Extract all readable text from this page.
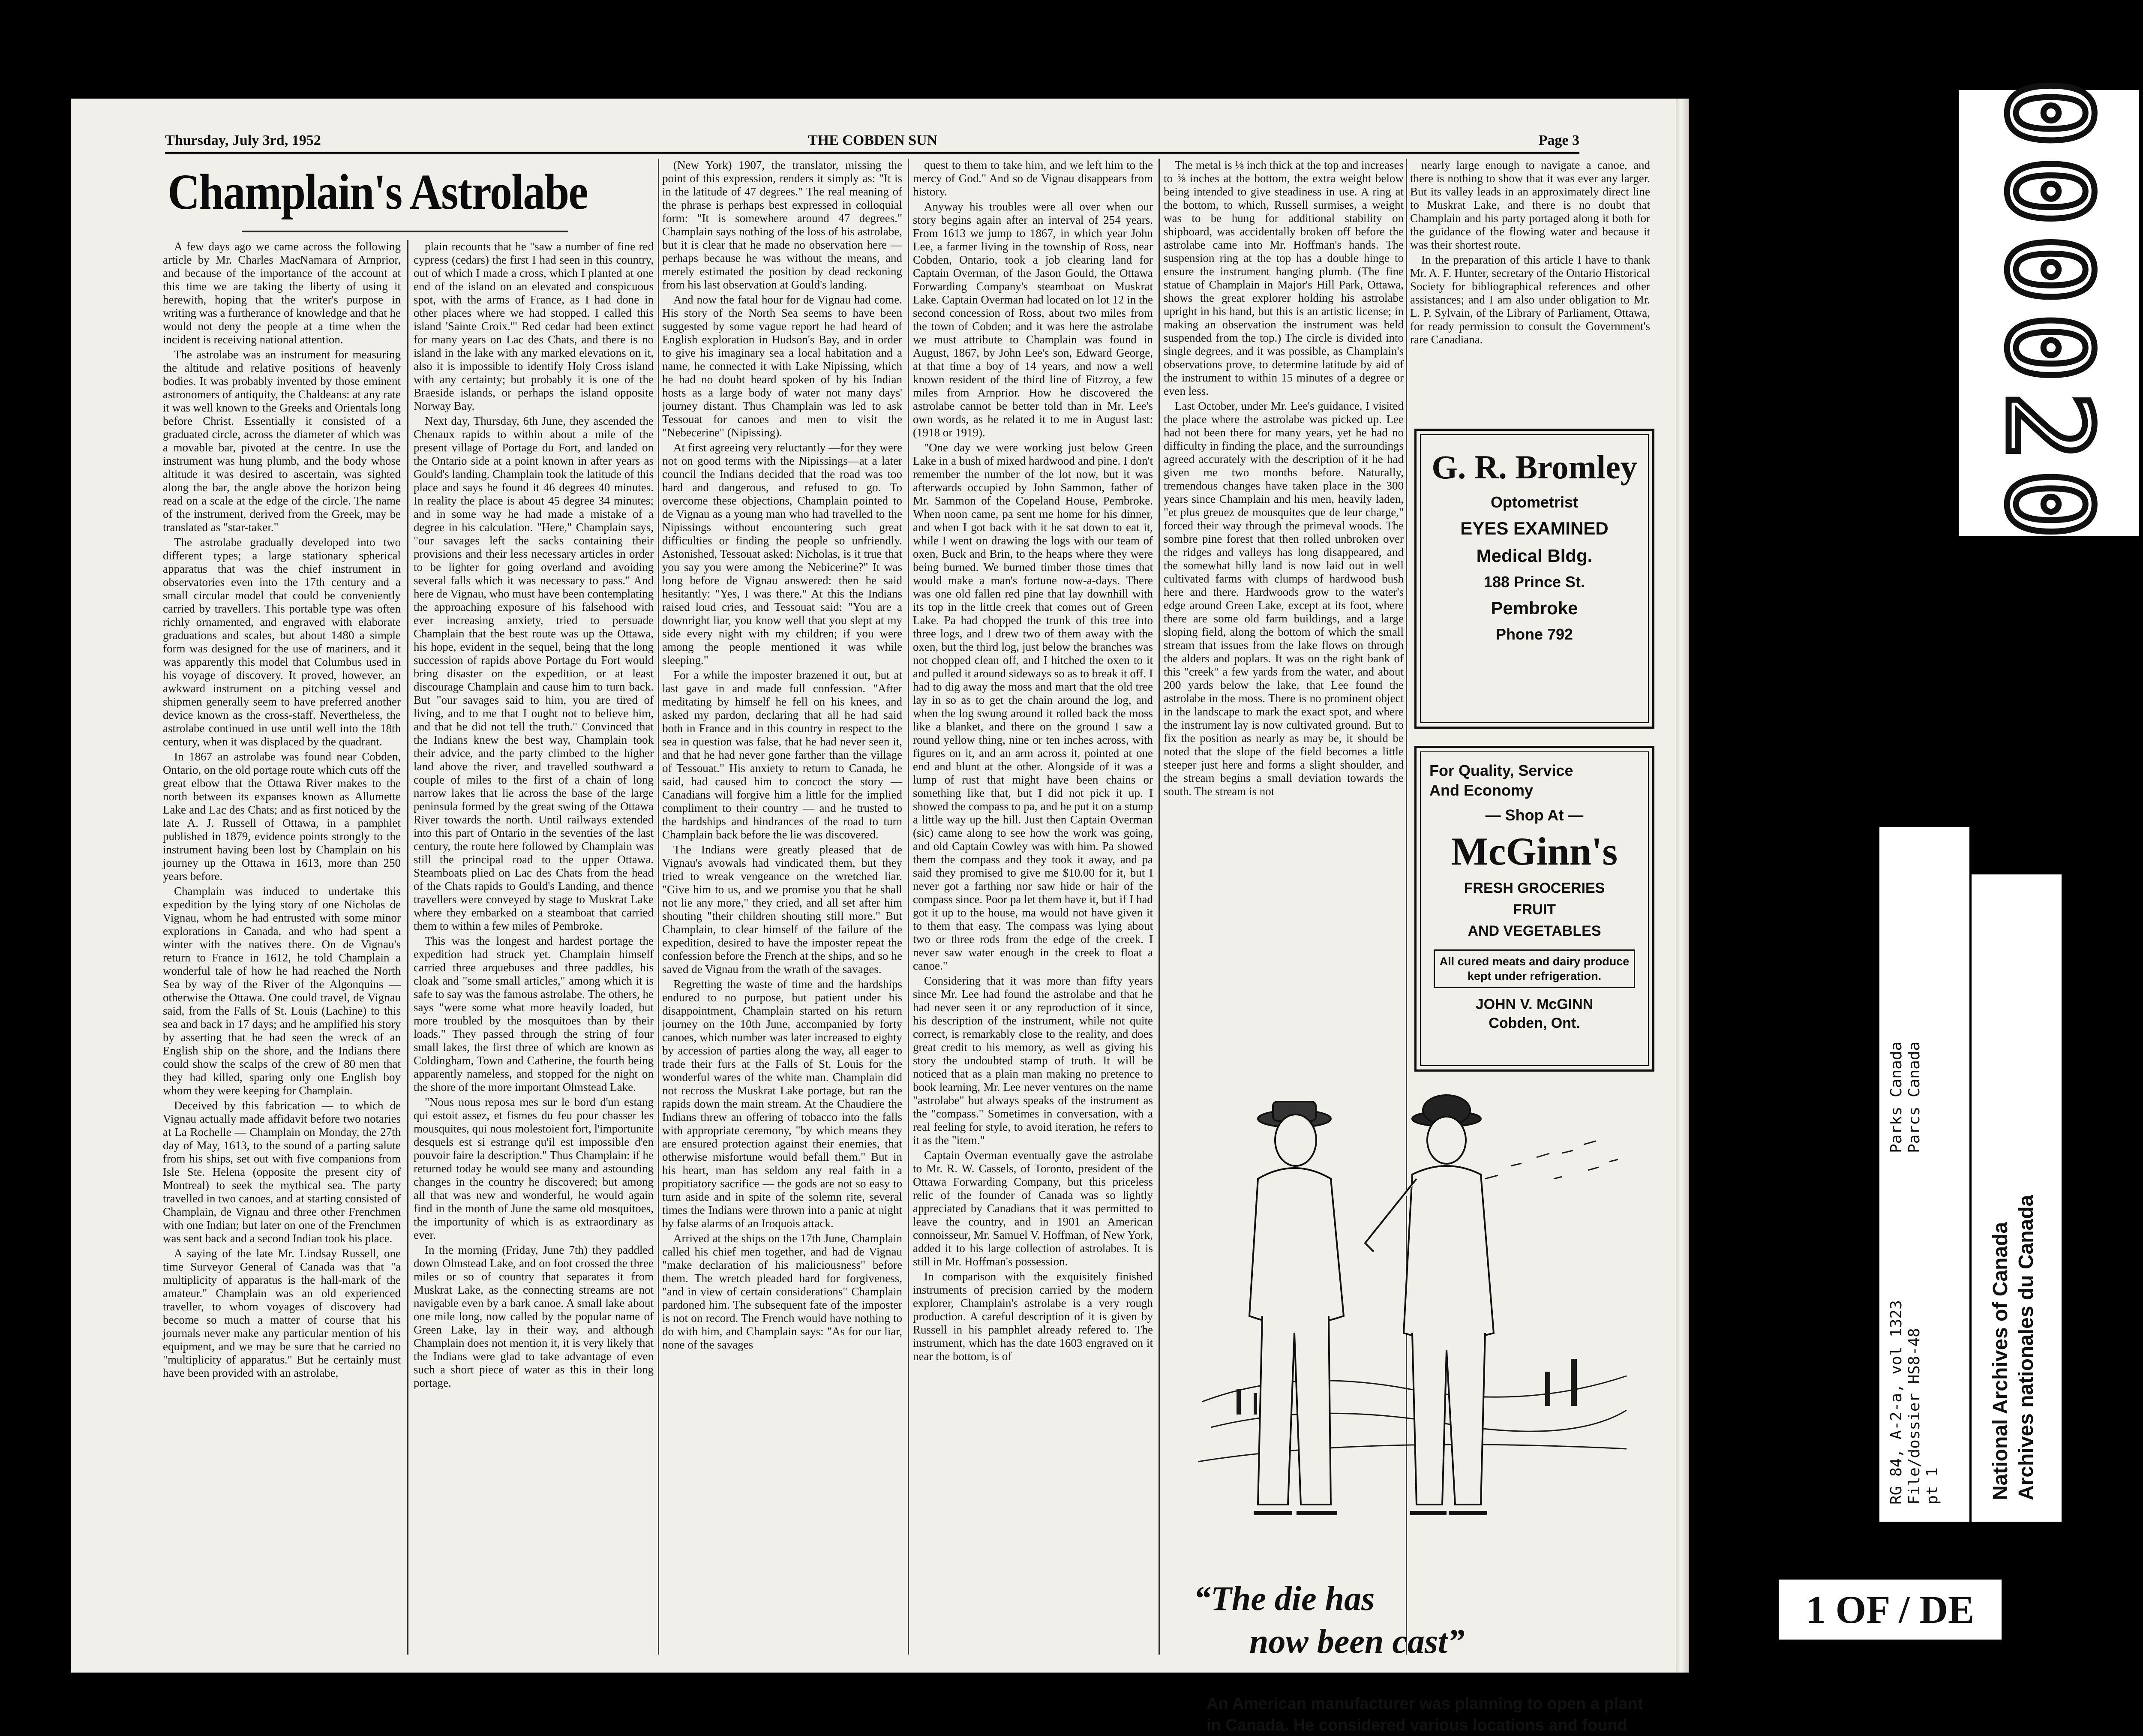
Thursday, July 3rd, 1952	THE COBDEN SUN	Page 3
Champlain's Astrolabe

A few days ago we came across the following article by Mr. Charles MacNamara of Arnprior, and because of the importance of the account at this time we are taking the liberty of using it herewith, hoping that the writer's purpose in writing was a furtherance of knowledge and that he would not deny the people at a time when the incident is receiving national attention.

The astrolabe was an instrument for measuring the altitude and relative positions of heavenly bodies. It was probably invented by those eminent astronomers of antiquity, the Chaldeans: at any rate it was well known to the Greeks and Orientals long before Christ. Essentially it consisted of a graduated circle, across the diameter of which was a movable bar, pivoted at the centre. In use the instrument was hung plumb, and the body whose altitude it was desired to ascertain, was sighted along the bar, the angle above the horizon being read on a scale at the edge of the circle. The name of the instrument, derived from the Greek, may be translated as "star-taker."

The astrolabe gradually developed into two different types; a large stationary spherical apparatus that was the chief instrument in observatories even into the 17th century and a small circular model that could be conveniently carried by travellers. This portable type was often richly ornamented, and engraved with elaborate graduations and scales, but about 1480 a simple form was designed for the use of mariners, and it was apparently this model that Columbus used in his voyage of discovery. It proved, however, an awkward instrument on a pitching vessel and shipmen generally seem to have preferred another device known as the cross-staff. Nevertheless, the astrolabe continued in use until well into the 18th century, when it was displaced by the quadrant.

In 1867 an astrolabe was found near Cobden, Ontario, on the old portage route which cuts off the great elbow that the Ottawa River makes to the north between its expanses known as Allumette Lake and Lac des Chats; and as first noticed by the late A. J. Russell of Ottawa, in a pamphlet published in 1879, evidence points strongly to the instrument having been lost by Champlain on his journey up the Ottawa in 1613, more than 250 years before.

Champlain was induced to undertake this expedition by the lying story of one Nicholas de Vignau, whom he had entrusted with some minor explorations in Canada, and who had spent a winter with the natives there. On de Vignau's return to France in 1612, he told Champlain a wonderful tale of how he had reached the North Sea by way of the River of the Algonquins — otherwise the Ottawa. One could travel, de Vignau said, from the Falls of St. Louis (Lachine) to this sea and back in 17 days; and he amplified his story by asserting that he had seen the wreck of an English ship on the shore, and the Indians there could show the scalps of the crew of 80 men that they had killed, sparing only one English boy whom they were keeping for Champlain.

Deceived by this fabrication — to which de Vignau actually made affidavit before two notaries at La Rochelle — Champlain on Monday, the 27th day of May, 1613, to the sound of a parting salute from his ships, set out with five companions from Isle Ste. Helena (opposite the present city of Montreal) to seek the mythical sea. The party travelled in two canoes, and at starting consisted of Champlain, de Vignau and three other Frenchmen with one Indian; but later on one of the Frenchmen was sent back and a second Indian took his place.

A saying of the late Mr. Lindsay Russell, one time Surveyor General of Canada was that "a multiplicity of apparatus is the hall-mark of the amateur." Champlain was an old experienced traveller, to whom voyages of discovery had become so much a matter of course that his journals never make any particular mention of his equipment, and we may be sure that he carried no "multiplicity of apparatus." But he certainly must have been provided with an astrolabe,

plain recounts that he "saw a number of fine red cypress (cedars) the first I had seen in this country, out of which I made a cross, which I planted at one end of the island on an elevated and conspicuous spot, with the arms of France, as I had done in other places where we had stopped. I called this island 'Sainte Croix.'" Red cedar had been extinct for many years on Lac des Chats, and there is no island in the lake with any marked elevations on it, also it is impossible to identify Holy Cross island with any certainty; but probably it is one of the Braeside islands, or perhaps the island opposite Norway Bay.

Next day, Thursday, 6th June, they ascended the Chenaux rapids to within about a mile of the present village of Portage du Fort, and landed on the Ontario side at a point known in after years as Gould's landing. Champlain took the latitude of this place and says he found it 46 degrees 40 minutes. In reality the place is about 45 degree 34 minutes; and in some way he had made a mistake of a degree in his calculation. "Here," Champlain says, "our savages left the sacks containing their provisions and their less necessary articles in order to be lighter for going overland and avoiding several falls which it was necessary to pass." And here de Vignau, who must have been contemplating the approaching exposure of his falsehood with ever increasing anxiety, tried to persuade Champlain that the best route was up the Ottawa, his hope, evident in the sequel, being that the long succession of rapids above Portage du Fort would bring disaster on the expedition, or at least discourage Champlain and cause him to turn back. But "our savages said to him, you are tired of living, and to me that I ought not to believe him, and that he did not tell the truth." Convinced that the Indians knew the best way, Champlain took their advice, and the party climbed to the higher land above the river, and travelled southward a couple of miles to the first of a chain of long narrow lakes that lie across the base of the large peninsula formed by the great swing of the Ottawa River towards the north. Until railways extended into this part of Ontario in the seventies of the last century, the route here followed by Champlain was still the principal road to the upper Ottawa. Steamboats plied on Lac des Chats from the head of the Chats rapids to Gould's Landing, and thence travellers were conveyed by stage to Muskrat Lake where they embarked on a steamboat that carried them to within a few miles of Pembroke.

This was the longest and hardest portage the expedition had struck yet. Champlain himself carried three arquebuses and three paddles, his cloak and "some small articles," among which it is safe to say was the famous astrolabe. The others, he says "were some what more heavily loaded, but more troubled by the mosquitoes than by their loads." They passed through the string of four small lakes, the first three of which are known as Coldingham, Town and Catherine, the fourth being apparently nameless, and stopped for the night on the shore of the more important Olmstead Lake.

"Nous nous reposa mes sur le bord d'un estang qui estoit assez, et fismes du feu pour chasser les mousquites, qui nous molestoient fort, l'importunite desquels est si estrange qu'il est impossible d'en pouvoir faire la description." Thus Champlain: if he returned today he would see many and astounding changes in the country he discovered; but among all that was new and wonderful, he would again find in the month of June the same old mosquitoes, the importunity of which is as extraordinary as ever.

In the morning (Friday, June 7th) they paddled down Olmstead Lake, and on foot crossed the three miles or so of country that separates it from Muskrat Lake, as the connecting streams are not navigable even by a bark canoe. A small lake about one mile long, now called by the popular name of Green Lake, lay in their way, and although Champlain does not mention it, it is very likely that the Indians were glad to take advantage of even such a short piece of water as this in their long portage.

(New York) 1907, the translator, missing the point of this expression, renders it simply as: "It is in the latitude of 47 degrees." The real meaning of the phrase is perhaps best expressed in colloquial form: "It is somewhere around 47 degrees." Champlain says nothing of the loss of his astrolabe, but it is clear that he made no observation here — perhaps because he was without the means, and merely estimated the position by dead reckoning from his last observation at Gould's landing.

And now the fatal hour for de Vignau had come. His story of the North Sea seems to have been suggested by some vague report he had heard of English exploration in Hudson's Bay, and in order to give his imaginary sea a local habitation and a name, he connected it with Lake Nipissing, which he had no doubt heard spoken of by his Indian hosts as a large body of water not many days' journey distant. Thus Champlain was led to ask Tessouat for canoes and men to visit the "Nebecerine" (Nipissing).

At first agreeing very reluctantly —for they were not on good terms with the Nipissings—at a later council the Indians decided that the road was too hard and dangerous, and refused to go. To overcome these objections, Champlain pointed to de Vignau as a young man who had travelled to the Nipissings without encountering such great difficulties or finding the people so unfriendly. Astonished, Tessouat asked: Nicholas, is it true that you say you were among the Nebicerine?" It was long before de Vignau answered: then he said hesitantly: "Yes, I was there." At this the Indians raised loud cries, and Tessouat said: "You are a downright liar, you know well that you slept at my side every night with my children; if you were among the people mentioned it was while sleeping."

For a while the imposter brazened it out, but at last gave in and made full confession. "After meditating by himself he fell on his knees, and asked my pardon, declaring that all he had said both in France and in this country in respect to the sea in question was false, that he had never seen it, and that he had never gone farther than the village of Tessouat." His anxiety to return to Canada, he said, had caused him to concoct the story — Canadians will forgive him a little for the implied compliment to their country — and he trusted to the hardships and hindrances of the road to turn Champlain back before the lie was discovered.

The Indians were greatly pleased that de Vignau's avowals had vindicated them, but they tried to wreak vengeance on the wretched liar. "Give him to us, and we promise you that he shall not lie any more," they cried, and all set after him shouting "their children shouting still more." But Champlain, to clear himself of the failure of the expedition, desired to have the imposter repeat the confession before the French at the ships, and so he saved de Vignau from the wrath of the savages.

Regretting the waste of time and the hardships endured to no purpose, but patient under his disappointment, Champlain started on his return journey on the 10th June, accompanied by forty canoes, which number was later increased to eighty by accession of parties along the way, all eager to trade their furs at the Falls of St. Louis for the wonderful wares of the white man. Champlain did not recross the Muskrat Lake portage, but ran the rapids down the main stream. At the Chaudiere the Indians threw an offering of tobacco into the falls with appropriate ceremony, "by which means they are ensured protection against their enemies, that otherwise misfortune would befall them." But in his heart, man has seldom any real faith in a propitiatory sacrifice — the gods are not so easy to turn aside and in spite of the solemn rite, several times the Indians were thrown into a panic at night by false alarms of an Iroquois attack.

Arrived at the ships on the 17th June, Champlain called his chief men together, and had de Vignau "make declaration of his maliciousness" before them. The wretch pleaded hard for forgiveness, "and in view of certain considerations" Champlain pardoned him. The subsequent fate of the imposter is not on record. The French would have nothing to do with him, and Champlain says: "As for our liar, none of the savages

quest to them to take him, and we left him to the mercy of God." And so de Vignau disappears from history.

Anyway his troubles were all over when our story begins again after an interval of 254 years. From 1613 we jump to 1867, in which year John Lee, a farmer living in the township of Ross, near Cobden, Ontario, took a job clearing land for Captain Overman, of the Jason Gould, the Ottawa Forwarding Company's steamboat on Muskrat Lake. Captain Overman had located on lot 12 in the second concession of Ross, about two miles from the town of Cobden; and it was here the astrolabe we must attribute to Champlain was found in August, 1867, by John Lee's son, Edward George, at that time a boy of 14 years, and now a well known resident of the third line of Fitzroy, a few miles from Arnprior. How he discovered the astrolabe cannot be better told than in Mr. Lee's own words, as he related it to me in August last: (1918 or 1919).

"One day we were working just below Green Lake in a bush of mixed hardwood and pine. I don't remember the number of the lot now, but it was afterwards occupied by John Sammon, father of Mr. Sammon of the Copeland House, Pembroke. When noon came, pa sent me home for his dinner, and when I got back with it he sat down to eat it, while I went on drawing the logs with our team of oxen, Buck and Brin, to the heaps where they were being burned. We burned timber those times that would make a man's fortune now-a-days. There was one old fallen red pine that lay downhill with its top in the little creek that comes out of Green Lake. Pa had chopped the trunk of this tree into three logs, and I drew two of them away with the oxen, but the third log, just below the branches was not chopped clean off, and I hitched the oxen to it and pulled it around sideways so as to break it off. I had to dig away the moss and mart that the old tree lay in so as to get the chain around the log, and when the log swung around it rolled back the moss like a blanket, and there on the ground I saw a round yellow thing, nine or ten inches across, with figures on it, and an arm across it, pointed at one end and blunt at the other. Alongside of it was a lump of rust that might have been chains or something like that, but I did not pick it up. I showed the compass to pa, and he put it on a stump a little way up the hill. Just then Captain Overman (sic) came along to see how the work was going, and old Captain Cowley was with him. Pa showed them the compass and they took it away, and pa said they promised to give me $10.00 for it, but I never got a farthing nor saw hide or hair of the compass since. Poor pa let them have it, but if I had got it up to the house, ma would not have given it to them that easy. The compass was lying about two or three rods from the edge of the creek. I never saw water enough in the creek to float a canoe."

Considering that it was more than fifty years since Mr. Lee had found the astrolabe and that he had never seen it or any reproduction of it since, his description of the instrument, while not quite correct, is remarkably close to the reality, and does great credit to his memory, as well as giving his story the undoubted stamp of truth. It will be noticed that as a plain man making no pretence to book learning, Mr. Lee never ventures on the name "astrolabe" but always speaks of the instrument as the "compass." Sometimes in conversation, with a real feeling for style, to avoid iteration, he refers to it as the "item."

Captain Overman eventually gave the astrolabe to Mr. R. W. Cassels, of Toronto, president of the Ottawa Forwarding Company, but this priceless relic of the founder of Canada was so lightly appreciated by Canadians that it was permitted to leave the country, and in 1901 an American connoisseur, Mr. Samuel V. Hoffman, of New York, added it to his large collection of astrolabes. It is still in Mr. Hoffman's possession.

In comparison with the exquisitely finished instruments of precision carried by the modern explorer, Champlain's astrolabe is a very rough production. A careful description of it is given by Russell in his pamphlet already refered to. The instrument, which has the date 1603 engraved on it near the bottom, is of

The metal is ⅛ inch thick at the top and increases to ⅝ inches at the bottom, the extra weight below being intended to give steadiness in use. A ring at the bottom, to which, Russell surmises, a weight was to be hung for additional stability on shipboard, was accidentally broken off before the astrolabe came into Mr. Hoffman's hands. The suspension ring at the top has a double hinge to ensure the instrument hanging plumb. (The fine statue of Champlain in Major's Hill Park, Ottawa, shows the great explorer holding his astrolabe upright in his hand, but this is an artistic license; in making an observation the instrument was held suspended from the top.) The circle is divided into single degrees, and it was possible, as Champlain's observations prove, to determine latitude by aid of the instrument to within 15 minutes of a degree or even less.

Last October, under Mr. Lee's guidance, I visited the place where the astrolabe was picked up. Lee had not been there for many years, yet he had no difficulty in finding the place, and the surroundings agreed accurately with the description of it he had given me two months before. Naturally, tremendous changes have taken place in the 300 years since Champlain and his men, heavily laden, "et plus greuez de mousquites que de leur charge," forced their way through the primeval woods. The sombre pine forest that then rolled unbroken over the ridges and valleys has long disappeared, and the somewhat hilly land is now laid out in well cultivated farms with clumps of hardwood bush here and there. Hardwoods grow to the water's edge around Green Lake, except at its foot, where there are some old farm buildings, and a large sloping field, along the bottom of which the small stream that issues from the lake flows on through the alders and poplars. It was on the right bank of this "creek" a few yards from the water, and about 200 yards below the lake, that Lee found the astrolabe in the moss. There is no prominent object in the landscape to mark the exact spot, and where the instrument lay is now cultivated ground. But to fix the position as nearly as may be, it should be noted that the slope of the field becomes a little steeper just here and forms a slight shoulder, and the stream begins a small deviation towards the south. The stream is not

nearly large enough to navigate a canoe, and there is nothing to show that it was ever any larger. But its valley leads in an approximately direct line to Muskrat Lake, and there is no doubt that Champlain and his party portaged along it both for the guidance of the flowing water and because it was their shortest route.

In the preparation of this article I have to thank Mr. A. F. Hunter, secretary of the Ontario Historical Society for bibliographical references and other assistances; and I am also under obligation to Mr. L. P. Sylvain, of the Library of Parliament, Ottawa, for ready permission to consult the Government's rare Canadiana.

G. R. Bromley
Optometrist
EYES EXAMINED
Medical Bldg.
188 Prince St.
Pembroke
Phone 792
For Quality, Service
And Economy
— Shop At —
McGinn's
FRESH GROCERIES
FRUIT
AND VEGETABLES
All cured meats and dairy produce kept under refrigeration.
JOHN V. McGINN
Cobden, Ont.
“The die has
now been cast”
An American manufacturer was planning to open a plant in Canada. He considered various locations and found
000020
RG 84, A-2-a, vol 1323 File/dossier HS8-48 pt 1
Parks Canada Parcs Canada
National Archives of Canada Archives nationales du Canada
1 OF / DE
